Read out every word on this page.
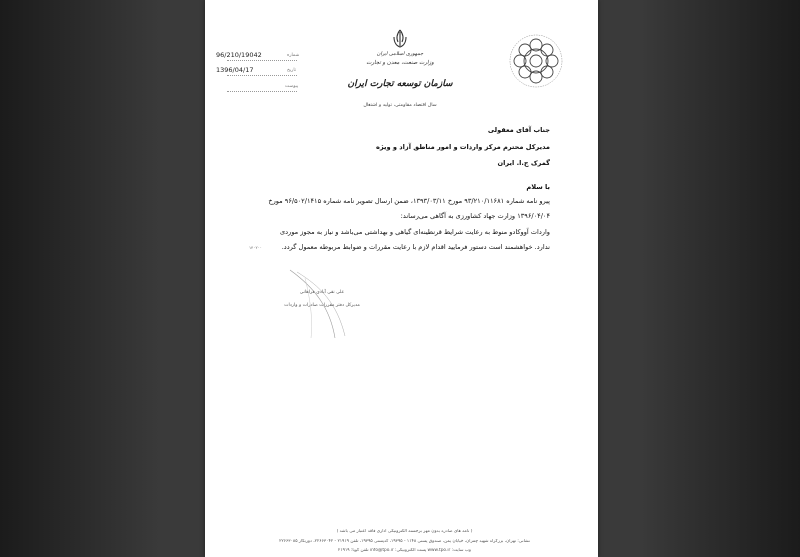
96/210/19042	شماره
1396/04/17	تاریخ
پیوست
جمهوری اسلامی ایران
وزارت صنعت، معدن و تجارت
سازمان توسعه تجارت ایران
سال اقتصاد مقاومتی، تولید و اشتغال
جناب آقای معقولی
مدیرکل محترم مرکز واردات و امور مناطق آزاد و ویژه
گمرک ج.ا. ایران
با سلام
پیرو نامه شماره ۹۳/۲۱۰/۱۱۶۸۱ مورخ ۱۳۹۳/۰۳/۱۱، ضمن ارسال تصویر نامه شماره ۹۶/۵۰۲/۱۴۱۵ مورخ
۱۳۹۶/۰۴/۰۴ وزارت جهاد کشاورزی به آگاهی می‌رساند:
واردات آووکادو منوط به رعایت شرایط قرنطینه‌ای گیاهی و بهداشتی می‌باشد و نیاز به مجوز موردی
ندارد. خواهشمند است دستور فرمایید اقدام لازم با رعایت مقررات و ضوابط مربوطه معمول گردد.
۱۴۰۲۰۰
علی نقی آبادی فراهانی
مدیرکل دفتر مقررات صادرات و واردات
( نامه های صادره بدون مهر برجسته الکترونیکی اداری فاقد اعتبار می باشد )
نشانی: تهران، بزرگراه شهید چمران، خیابان یمن، صندوق پستی ۱۱۴۸ - ۱۹۳۹۵، کدپستی ۱۹۳۹۵، تلفن ۲۱۹۱۹ - ۲۲۶۶۳۰۴۲، دورنگار ۲۲۶۶۳۰۸۵
وب سایت: www.tpo.ir پست الکترونیکی: info@tpo.ir تلفن گویا: ۲۱۹۱۹
